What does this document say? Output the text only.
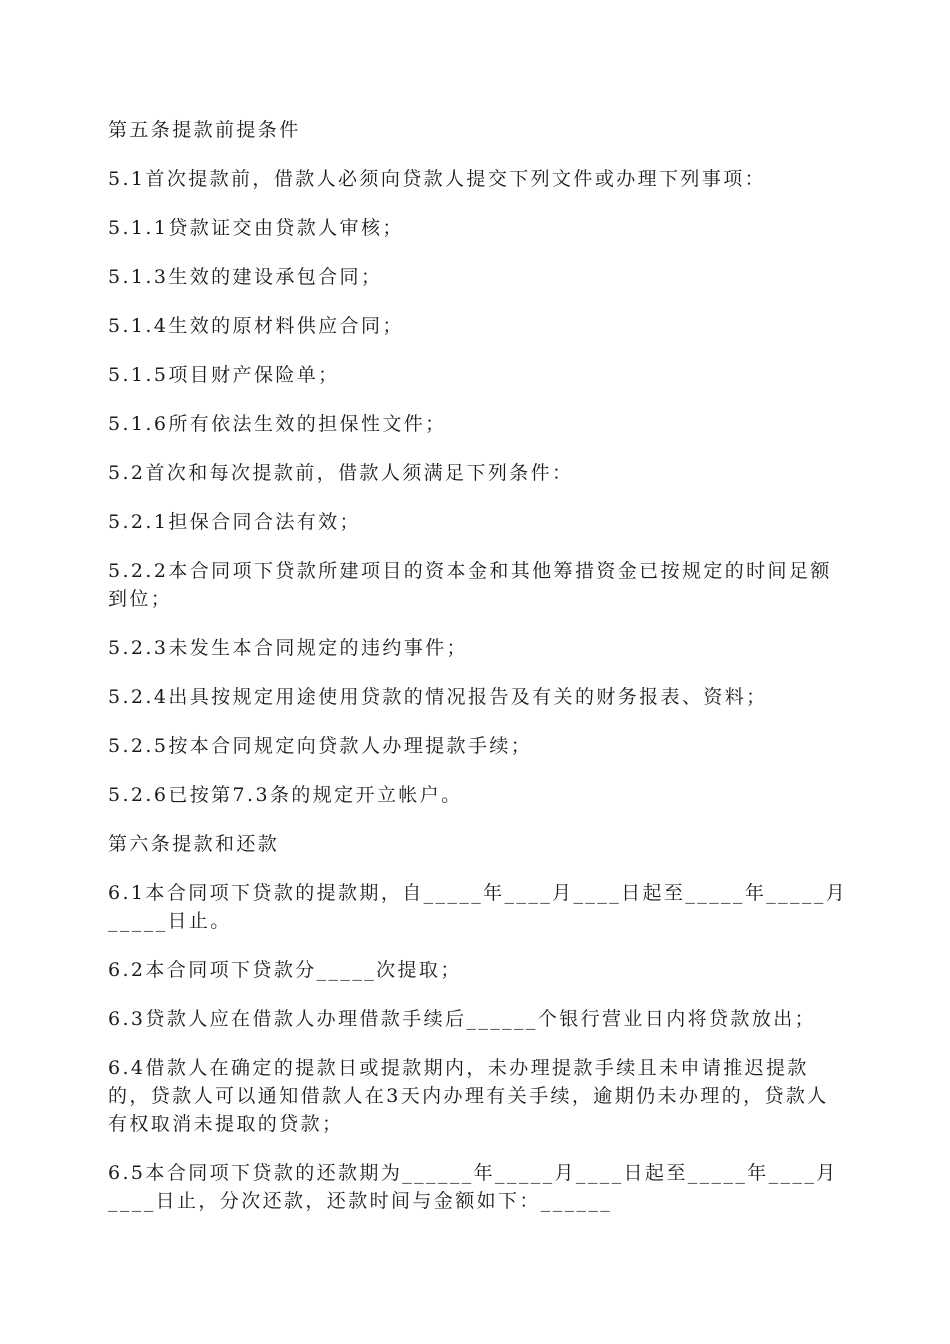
第五条提款前提条件

5.1首次提款前，借款人必须向贷款人提交下列文件或办理下列事项：

5.1.1贷款证交由贷款人审核；

5.1.3生效的建设承包合同；

5.1.4生效的原材料供应合同；

5.1.5项目财产保险单；

5.1.6所有依法生效的担保性文件；

5.2首次和每次提款前，借款人须满足下列条件：

5.2.1担保合同合法有效；

5.2.2本合同项下贷款所建项目的资本金和其他筹措资金已按规定的时间足额到位；

5.2.3未发生本合同规定的违约事件；

5.2.4出具按规定用途使用贷款的情况报告及有关的财务报表、资料；

5.2.5按本合同规定向贷款人办理提款手续；

5.2.6已按第7.3条的规定开立帐户。

第六条提款和还款

6.1本合同项下贷款的提款期，自_____年____月____日起至_____年_____月_____日止。

6.2本合同项下贷款分_____次提取；

6.3贷款人应在借款人办理借款手续后______个银行营业日内将贷款放出；

6.4借款人在确定的提款日或提款期内，未办理提款手续且未申请推迟提款的，贷款人可以通知借款人在3天内办理有关手续，逾期仍未办理的，贷款人有权取消未提取的贷款；

6.5本合同项下贷款的还款期为______年_____月____日起至_____年____月____日止，分次还款，还款时间与金额如下：______
